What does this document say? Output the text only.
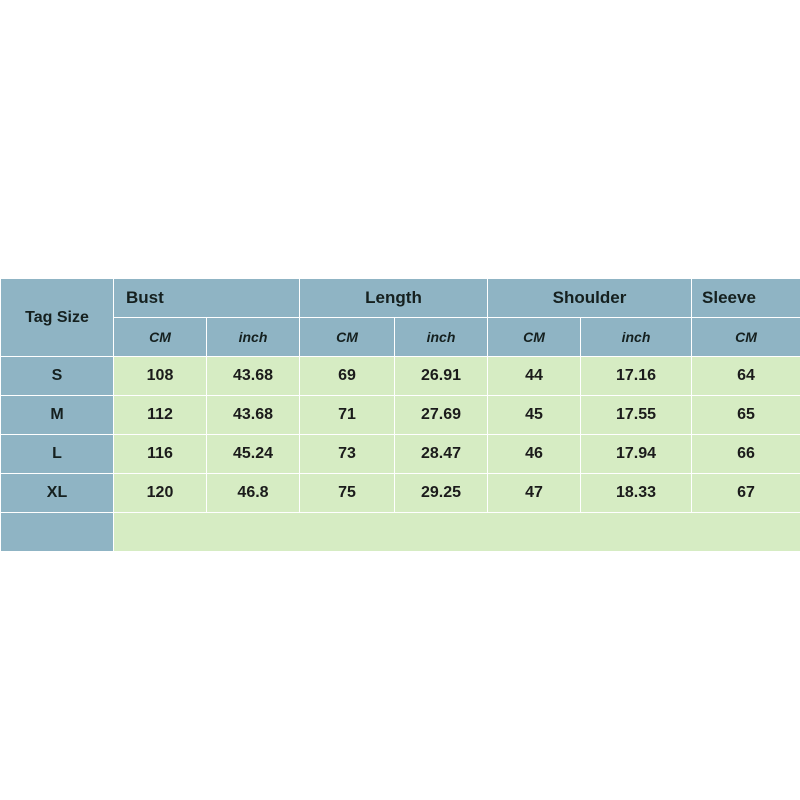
Tag Size	Bust		Length		Shoulder		Sleeve
	CM	inch	CM	inch	CM	inch	CM
S	108	43.68	69	26.91	44	17.16	64
M	112	43.68	71	27.69	45	17.55	65
L	116	45.24	73	28.47	46	17.94	66
XL	120	46.8	75	29.25	47	18.33	67
